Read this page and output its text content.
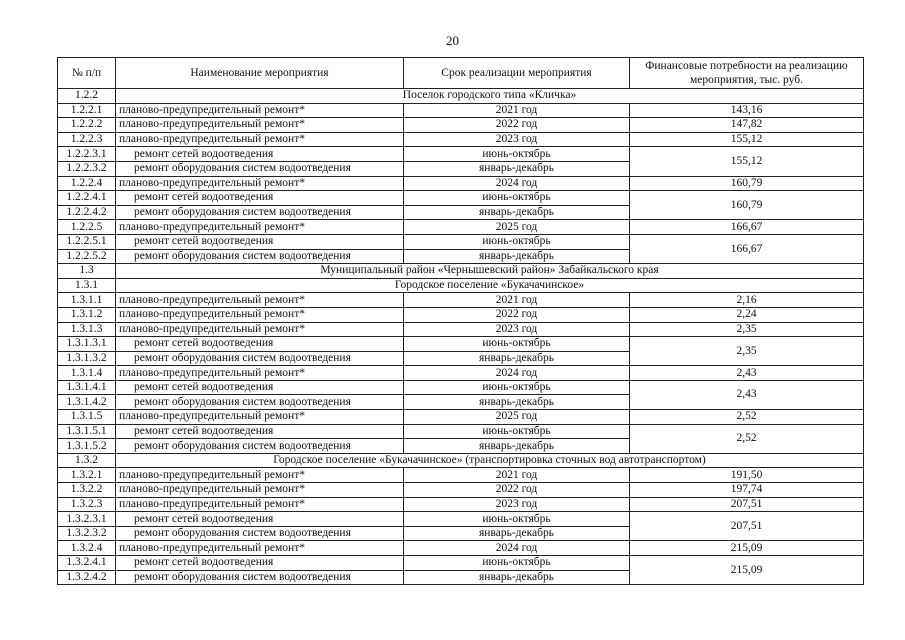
20
№ п/п	Наименование мероприятия	Срок реализации мероприятия	Финансовые потребности на реализацию мероприятия, тыс. руб.
1.2.2	Поселок городского типа «Кличка»		
1.2.2.1	планово-предупредительный ремонт*	2021 год	143,16
1.2.2.2	планово-предупредительный ремонт*	2022 год	147,82
1.2.2.3	планово-предупредительный ремонт*	2023 год	155,12
1.2.2.3.1	ремонт сетей водоотведения	июнь-октябрь	155,12
1.2.2.3.2	ремонт оборудования систем водоотведения	январь-декабрь	
1.2.2.4	планово-предупредительный ремонт*	2024 год	160,79
1.2.2.4.1	ремонт сетей водоотведения	июнь-октябрь	160,79
1.2.2.4.2	ремонт оборудования систем водоотведения	январь-декабрь	
1.2.2.5	планово-предупредительный ремонт*	2025 год	166,67
1.2.2.5.1	ремонт сетей водоотведения	июнь-октябрь	166,67
1.2.2.5.2	ремонт оборудования систем водоотведения	январь-декабрь	
1.3	Муниципальный район «Чернышевский район» Забайкальского края		
1.3.1	Городское поселение «Букачачинское»		
1.3.1.1	планово-предупредительный ремонт*	2021 год	2,16
1.3.1.2	планово-предупредительный ремонт*	2022 год	2,24
1.3.1.3	планово-предупредительный ремонт*	2023 год	2,35
1.3.1.3.1	ремонт сетей водоотведения	июнь-октябрь	2,35
1.3.1.3.2	ремонт оборудования систем водоотведения	январь-декабрь	
1.3.1.4	планово-предупредительный ремонт*	2024 год	2,43
1.3.1.4.1	ремонт сетей водоотведения	июнь-октябрь	2,43
1.3.1.4.2	ремонт оборудования систем водоотведения	январь-декабрь	
1.3.1.5	планово-предупредительный ремонт*	2025 год	2,52
1.3.1.5.1	ремонт сетей водоотведения	июнь-октябрь	2,52
1.3.1.5.2	ремонт оборудования систем водоотведения	январь-декабрь	
1.3.2	Городское поселение «Букачачинское» (транспортировка сточных вод автотранспортом)		
1.3.2.1	планово-предупредительный ремонт*	2021 год	191,50
1.3.2.2	планово-предупредительный ремонт*	2022 год	197,74
1.3.2.3	планово-предупредительный ремонт*	2023 год	207,51
1.3.2.3.1	ремонт сетей водоотведения	июнь-октябрь	207,51
1.3.2.3.2	ремонт оборудования систем водоотведения	январь-декабрь	
1.3.2.4	планово-предупредительный ремонт*	2024 год	215,09
1.3.2.4.1	ремонт сетей водоотведения	июнь-октябрь	215,09
1.3.2.4.2	ремонт оборудования систем водоотведения	январь-декабрь	
